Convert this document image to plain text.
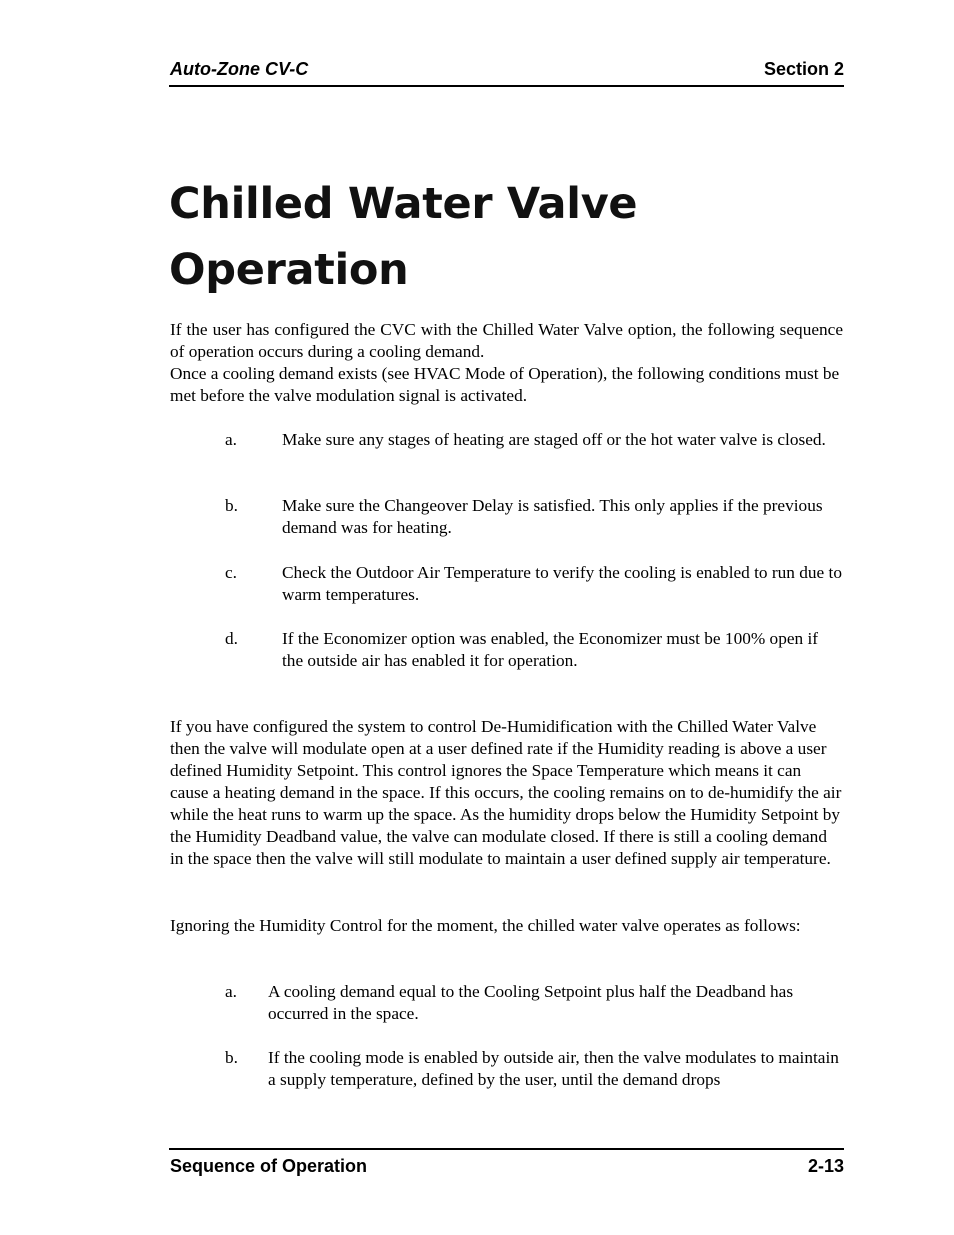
Auto-Zone CV-C	Section 2
Chilled Water Valve
Operation

If the user has configured the CVC with the Chilled Water Valve option, the following sequence of operation occurs during a cooling demand.

Once a cooling demand exists (see HVAC Mode of Operation), the following conditions must be met before the valve modulation signal is activated.

a.	Make sure any stages of heating are staged off or the hot water valve is closed.
b.	Make sure the Changeover Delay is satisfied. This only applies if the previous demand was for heating.
c.	Check the Outdoor Air Temperature to verify the cooling is enabled to run due to warm temperatures.
d.	If the Economizer option was enabled, the Economizer must be 100% open if the outside air has enabled it for operation.

If you have configured the system to control De-Humidification with the Chilled Water Valve then the valve will modulate open at a user defined rate if the Humidity reading is above a user defined Humidity Setpoint. This control ignores the Space Temperature which means it can cause a heating demand in the space. If this occurs, the cooling remains on to de-humidify the air while the heat runs to warm up the space. As the humidity drops below the Humidity Setpoint by the Humidity Deadband value, the valve can modulate closed. If there is still a cooling demand in the space then the valve will still modulate to maintain a user defined supply air temperature.

Ignoring the Humidity Control for the moment, the chilled water valve operates as follows:

a. A cooling demand equal to the Cooling Setpoint plus half the Deadband has occurred in the space.
b. If the cooling mode is enabled by outside air, then the valve modulates to maintain a supply temperature, defined by the user, until the demand drops
Sequence of Operation	2-13
